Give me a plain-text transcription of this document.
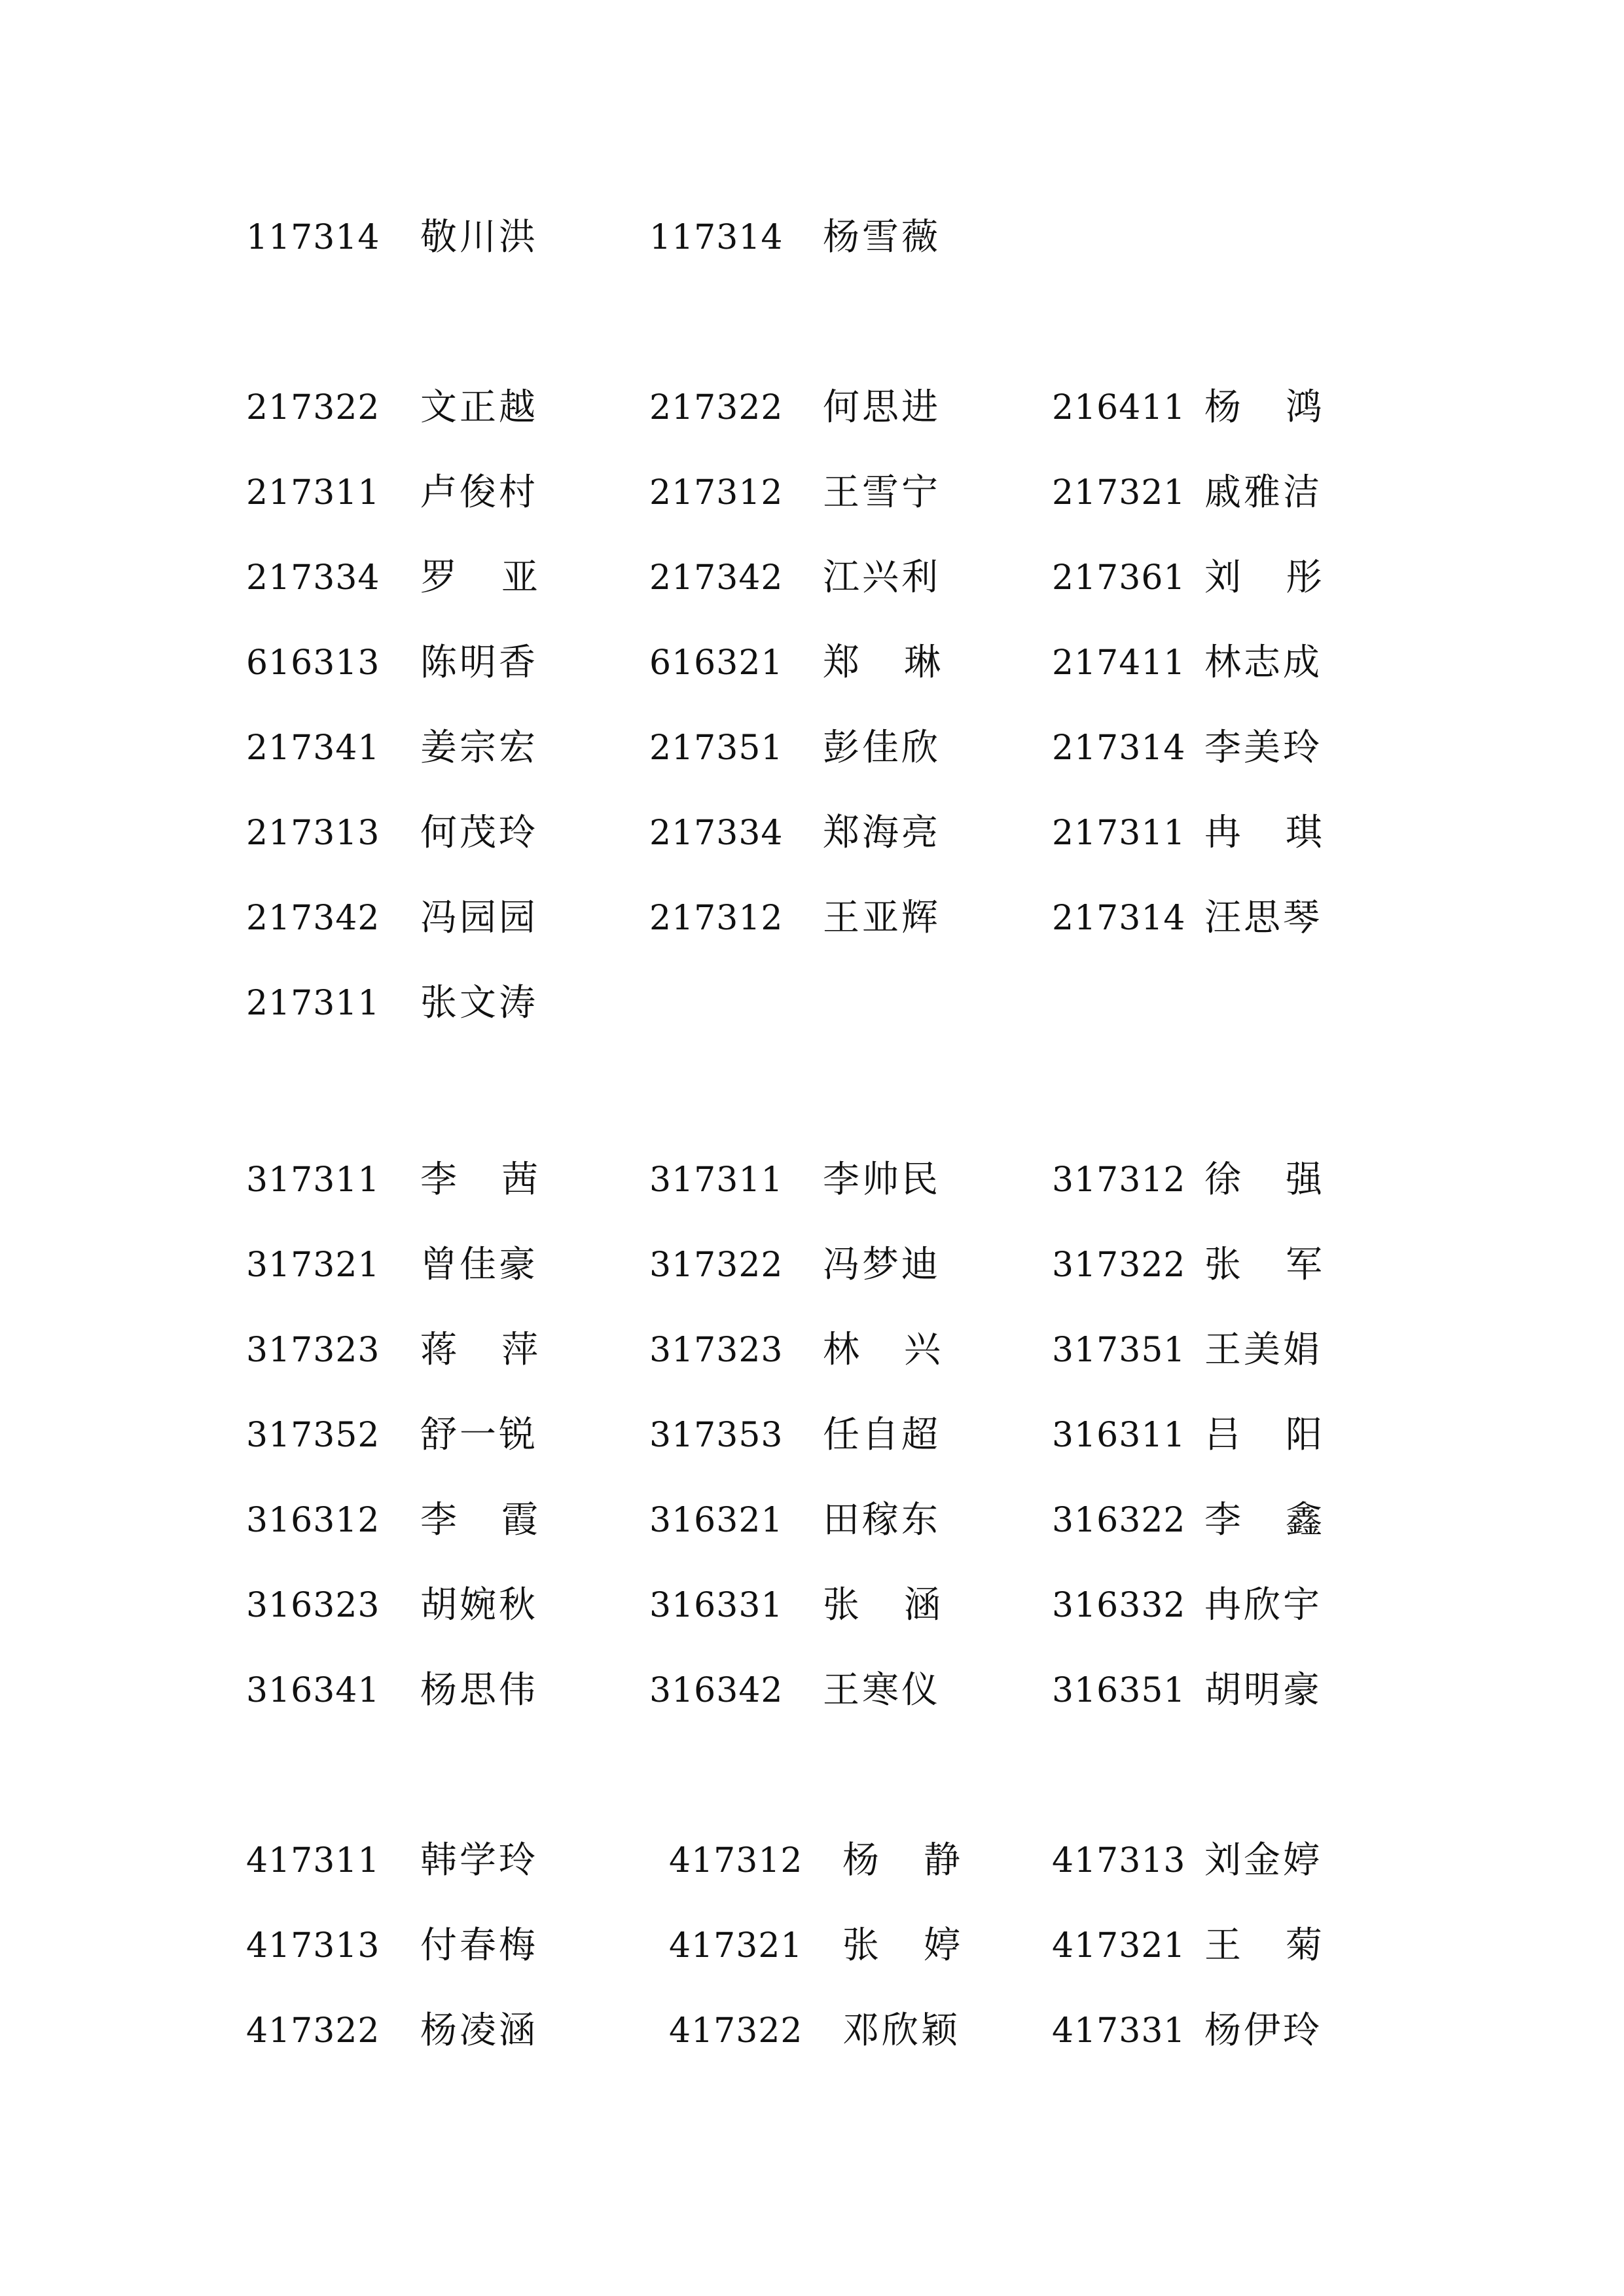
117314 敬川洪	117314 杨雪薇
217322 文正越	217322 何思进	216411 杨 鸿
217311 卢俊村	217312 王雪宁	217321 戚雅洁
217334 罗 亚	217342 江兴利	217361 刘 彤
616313 陈明香	616321 郑 琳	217411 林志成
217341 姜宗宏	217351 彭佳欣	217314 李美玲
217313 何茂玲	217334 郑海亮	217311 冉 琪
217342 冯园园	217312 王亚辉	217314 汪思琴
217311 张文涛
317311 李 茜	317311 李帅民	317312 徐 强
317321 曾佳豪	317322 冯梦迪	317322 张 军
317323 蒋 萍	317323 林 兴	317351 王美娟
317352 舒一锐	317353 任自超	316311 吕 阳
316312 李 霞	316321 田稼东	316322 李 鑫
316323 胡婉秋	316331 张 涵	316332 冉欣宇
316341 杨思伟	316342 王寒仪	316351 胡明豪
417311 韩学玲	417312 杨 静	417313 刘金婷
417313 付春梅	417321 张 婷	417321 王 菊
417322 杨凌涵	417322 邓欣颖	417331 杨伊玲
